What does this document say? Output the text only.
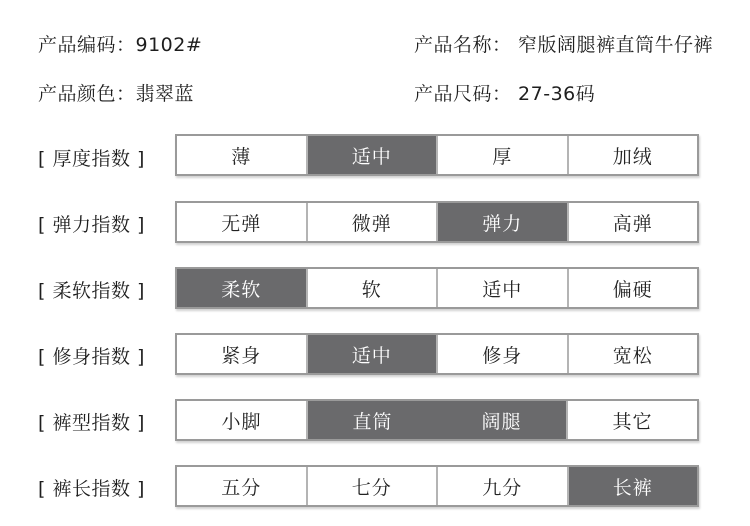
产品编码：9102#	产品名称： 窄版阔腿裤直筒牛仔裤
产品颜色：翡翠蓝	产品尺码： 27-36码
[ 厚度指数 ]	薄	适中	厚	加绒
[ 弹力指数 ]	无弹	微弹	弹力	高弹
[ 柔软指数 ]	柔软	软	适中	偏硬
[ 修身指数 ]	紧身	适中	修身	宽松
[ 裤型指数 ]	小脚	直筒	阔腿	其它
[ 裤长指数 ]	五分	七分	九分	长裤
